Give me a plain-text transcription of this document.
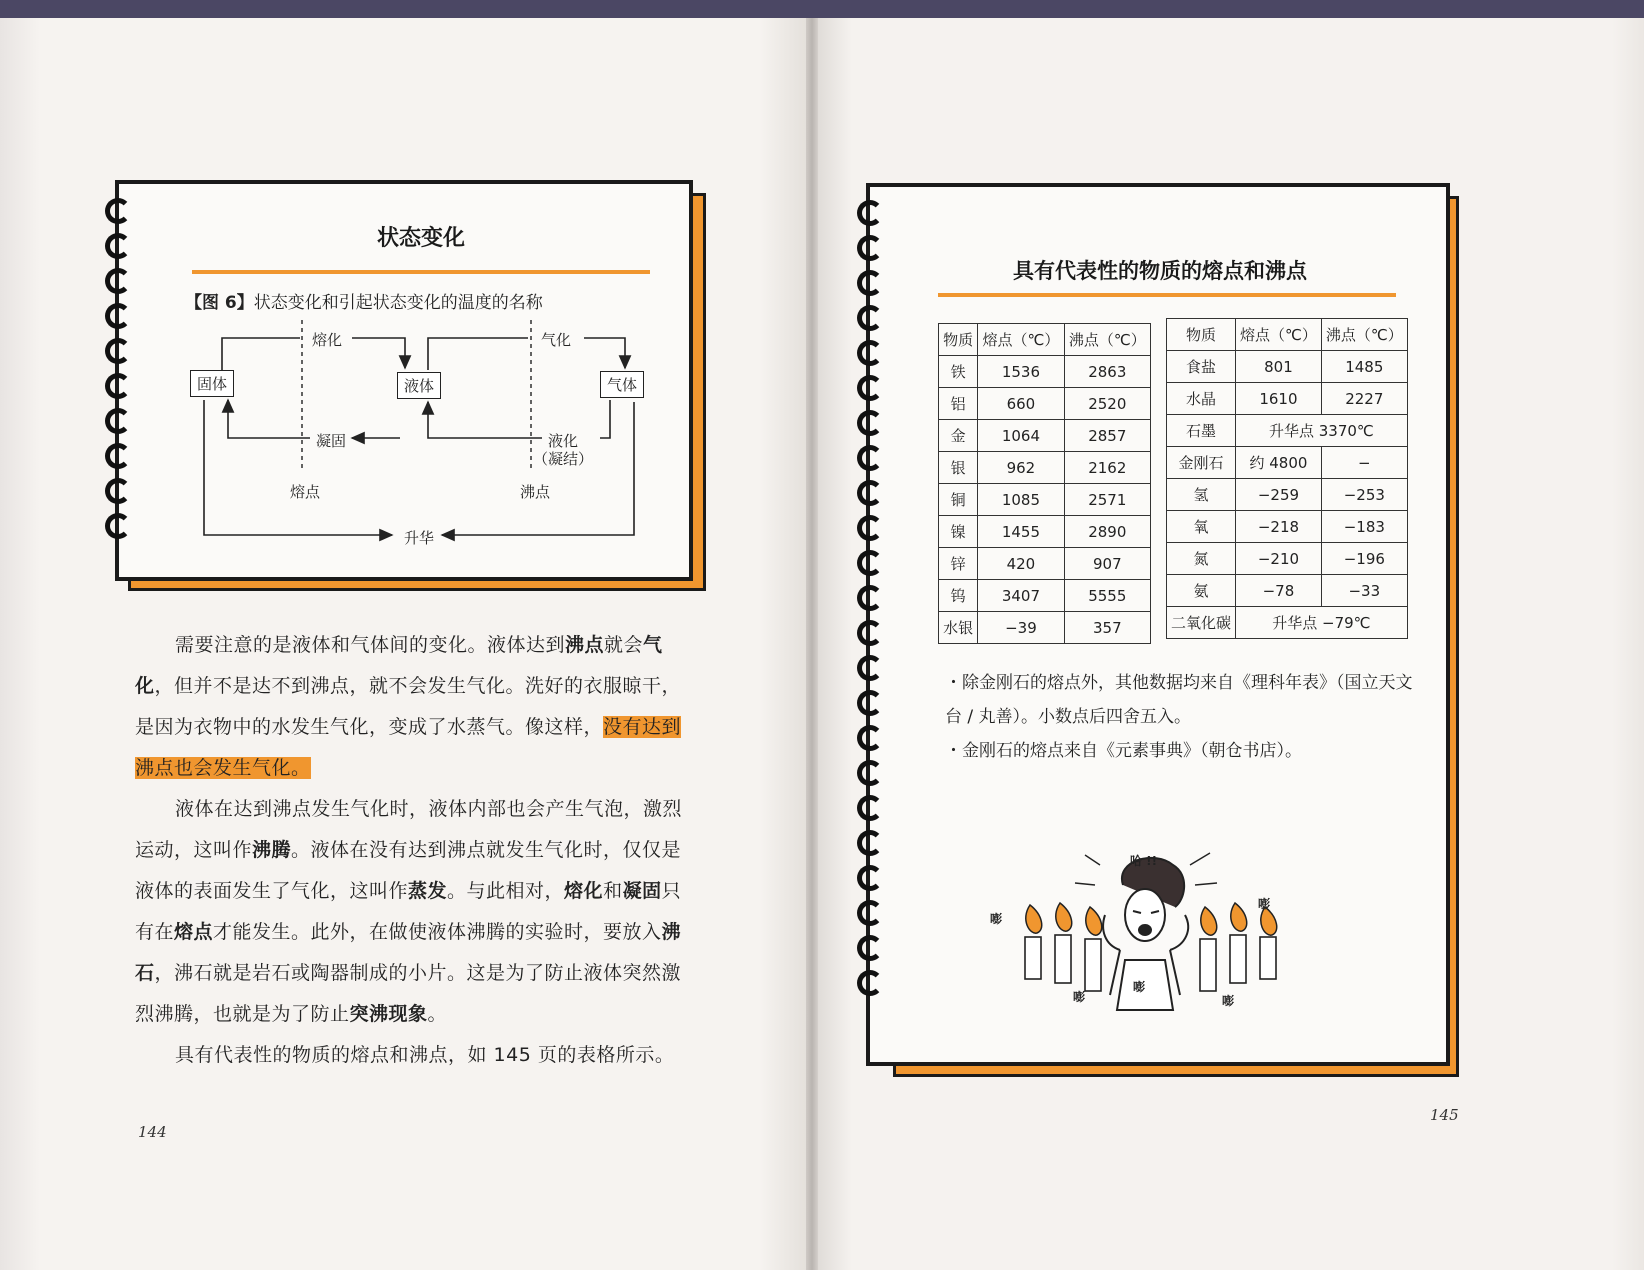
状态变化
【图 6】状态变化和引起状态变化的温度的名称
固体	液体	气体
熔化
凝固
气化
液化
（凝结）
熔点	沸点
升华

需要注意的是液体和气体间的变化。液体达到沸点就会气化，但并不是达不到沸点，就不会发生气化。洗好的衣服晾干，是因为衣物中的水发生气化，变成了水蒸气。像这样，没有达到沸点也会发生气化。

液体在达到沸点发生气化时，液体内部也会产生气泡，激烈运动，这叫作沸腾。液体在没有达到沸点就发生气化时，仅仅是液体的表面发生了气化，这叫作蒸发。与此相对，熔化和凝固只有在熔点才能发生。此外，在做使液体沸腾的实验时，要放入沸石，沸石就是岩石或陶器制成的小片。这是为了防止液体突然激烈沸腾，也就是为了防止突沸现象。

具有代表性的物质的熔点和沸点，如 145 页的表格所示。

144
具有代表性的物质的熔点和沸点
物质	熔点（℃）	沸点（℃）
铁	1536	2863
铝	660	2520
金	1064	2857
银	962	2162
铜	1085	2571
镍	1455	2890
锌	420	907
钨	3407	5555
水银	−39	357
物质	熔点（℃）	沸点（℃）
食盐	801	1485
水晶	1610	2227
石墨	升华点 3370℃	
金刚石	约 4800	−
氢	−259	−253
氧	−218	−183
氮	−210	−196
氨	−78	−33
二氧化碳	升华点 −79℃	

・除金刚石的熔点外，其他数据均来自《理科年表》（国立天文台 / 丸善）。小数点后四舍五入。

・金刚石的熔点来自《元素事典》（朝仓书店）。

哈 !!
嘭
嘭
嘭
嘭
嘭
145
